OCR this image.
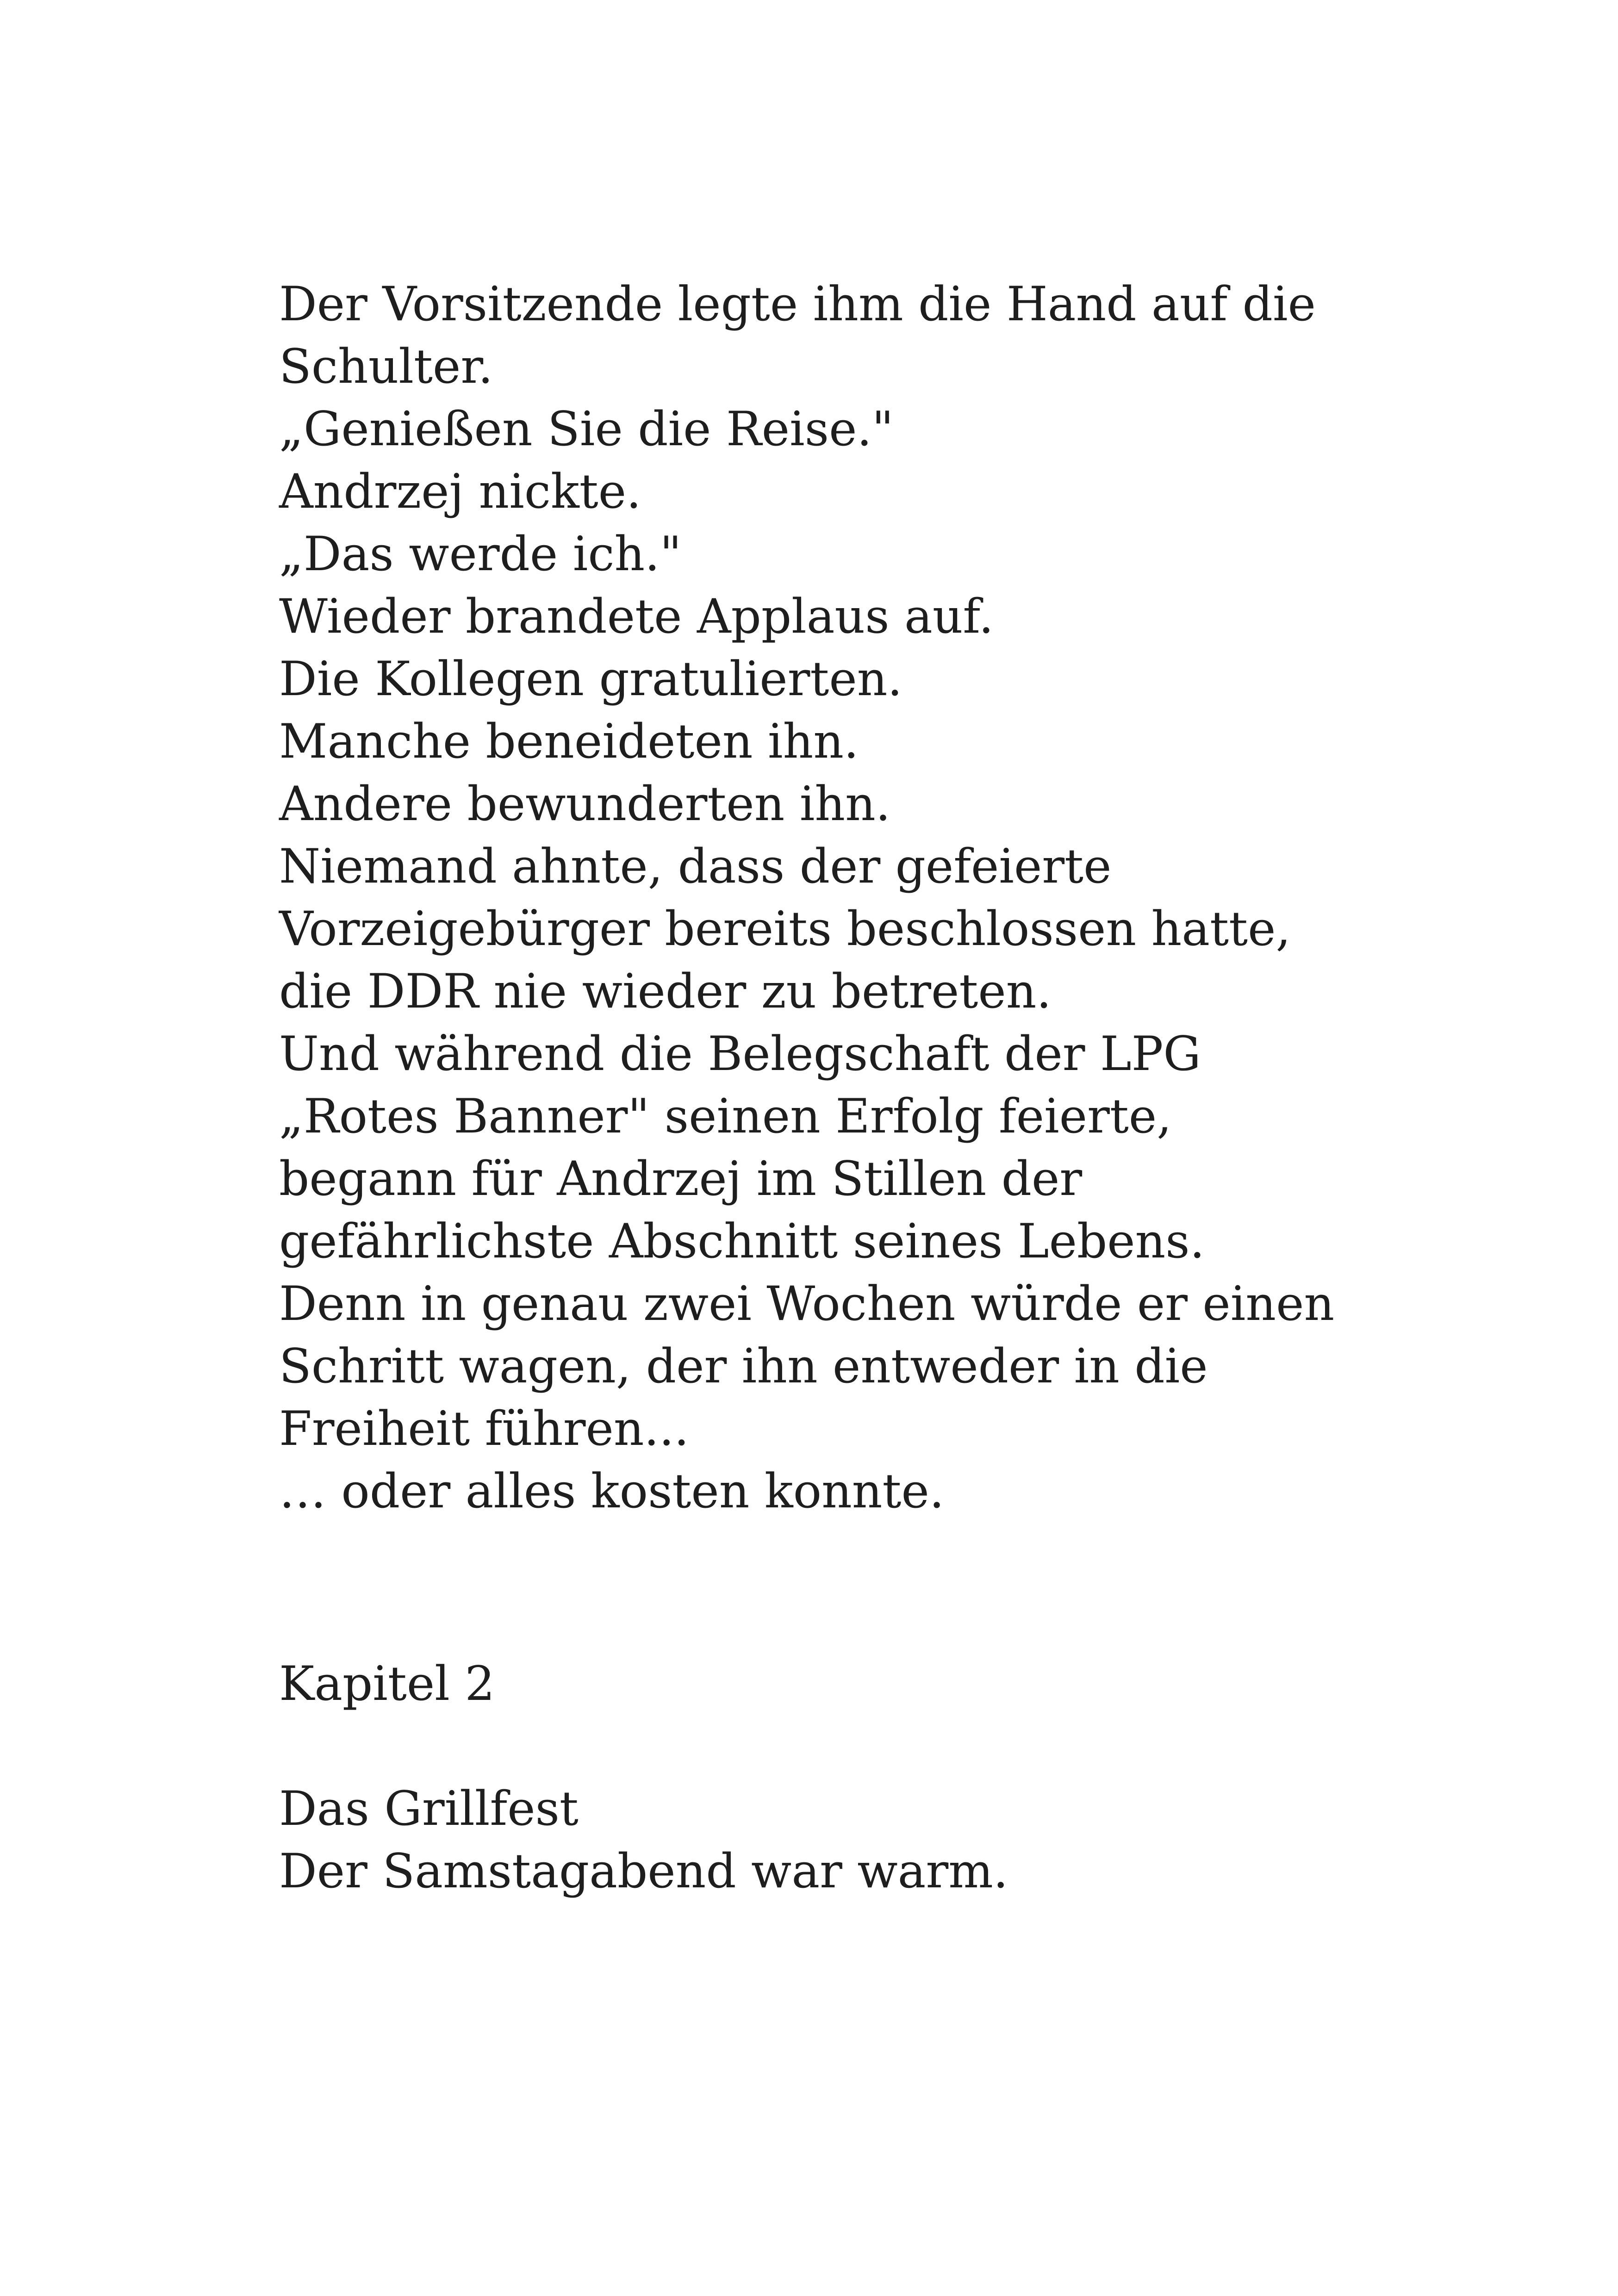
Der Vorsitzende legte ihm die Hand auf die
Schulter.
„Genießen Sie die Reise."
Andrzej nickte.
„Das werde ich."
Wieder brandete Applaus auf.
Die Kollegen gratulierten.
Manche beneideten ihn.
Andere bewunderten ihn.
Niemand ahnte, dass der gefeierte
Vorzeigebürger bereits beschlossen hatte,
die DDR nie wieder zu betreten.
Und während die Belegschaft der LPG
„Rotes Banner" seinen Erfolg feierte,
begann für Andrzej im Stillen der
gefährlichste Abschnitt seines Lebens.
Denn in genau zwei Wochen würde er einen
Schritt wagen, der ihn entweder in die
Freiheit führen...
… oder alles kosten konnte.
Kapitel 2
Das Grillfest
Der Samstagabend war warm.
